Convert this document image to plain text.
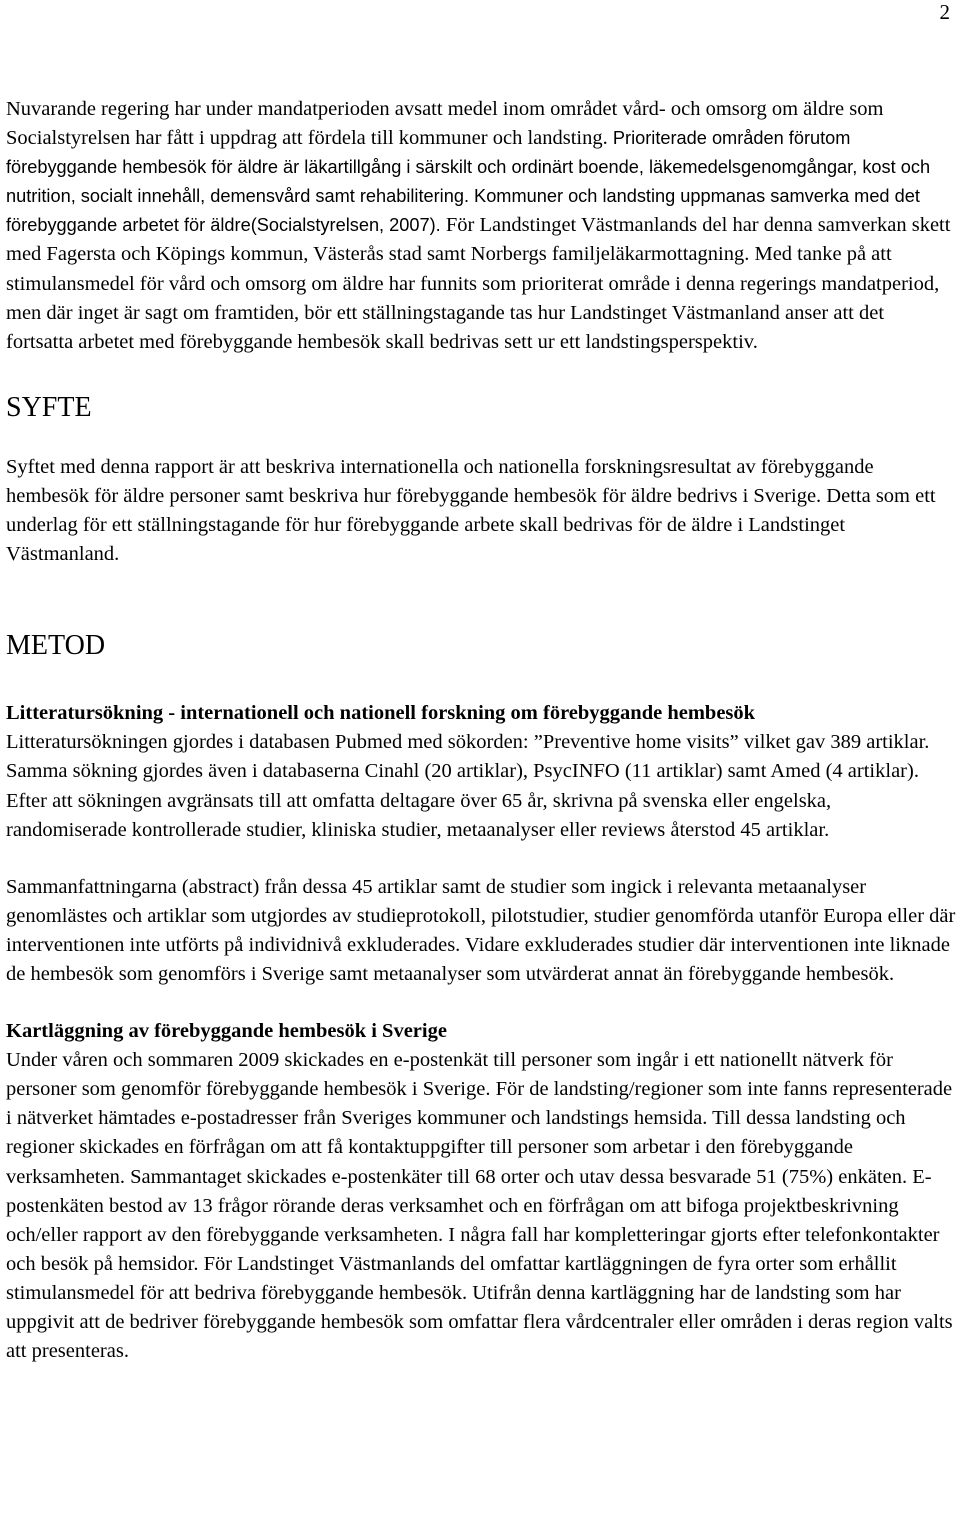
2

Nuvarande regering har under mandatperioden avsatt medel inom området vård- och omsorg om äldre som Socialstyrelsen har fått i uppdrag att fördela till kommuner och landsting. Prioriterade områden förutom förebyggande hembesök för äldre är läkartillgång i särskilt och ordinärt boende, läkemedelsgenomgångar, kost och nutrition, socialt innehåll, demensvård samt rehabilitering. Kommuner och landsting uppmanas samverka med det förebyggande arbetet för äldre(Socialstyrelsen, 2007). För Landstinget Västmanlands del har denna samverkan skett med Fagersta och Köpings kommun, Västerås stad samt Norbergs familjeläkarmottagning. Med tanke på att stimulansmedel för vård och omsorg om äldre har funnits som prioriterat område i denna regerings mandatperiod, men där inget är sagt om framtiden, bör ett ställningstagande tas hur Landstinget Västmanland anser att det fortsatta arbetet med förebyggande hembesök skall bedrivas sett ur ett landstingsperspektiv.

SYFTE

Syftet med denna rapport är att beskriva internationella och nationella forskningsresultat av förebyggande hembesök för äldre personer samt beskriva hur förebyggande hembesök för äldre bedrivs i Sverige. Detta som ett underlag för ett ställningstagande för hur förebyggande arbete skall bedrivas för de äldre i Landstinget Västmanland.

METOD

Litteratursökning - internationell och nationell forskning om förebyggande hembesök
Litteratursökningen gjordes i databasen Pubmed med sökorden: ”Preventive home visits” vilket gav 389 artiklar. Samma sökning gjordes även i databaserna Cinahl (20 artiklar), PsycINFO (11 artiklar) samt Amed (4 artiklar). Efter att sökningen avgränsats till att omfatta deltagare över 65 år, skrivna på svenska eller engelska, randomiserade kontrollerade studier, kliniska studier, metaanalyser eller reviews återstod 45 artiklar.

Sammanfattningarna (abstract) från dessa 45 artiklar samt de studier som ingick i relevanta metaanalyser genomlästes och artiklar som utgjordes av studieprotokoll, pilotstudier, studier genomförda utanför Europa eller där interventionen inte utförts på individnivå exkluderades. Vidare exkluderades studier där interventionen inte liknade de hembesök som genomförs i Sverige samt metaanalyser som utvärderat annat än förebyggande hembesök.

Kartläggning av förebyggande hembesök i Sverige
Under våren och sommaren 2009 skickades en e-postenkät till personer som ingår i ett nationellt nätverk för personer som genomför förebyggande hembesök i Sverige. För de landsting/regioner som inte fanns representerade i nätverket hämtades e-postadresser från Sveriges kommuner och landstings hemsida. Till dessa landsting och regioner skickades en förfrågan om att få kontaktuppgifter till personer som arbetar i den förebyggande verksamheten. Sammantaget skickades e-postenkäter till 68 orter och utav dessa besvarade 51 (75%) enkäten. E-postenkäten bestod av 13 frågor rörande deras verksamhet och en förfrågan om att bifoga projektbeskrivning och/eller rapport av den förebyggande verksamheten. I några fall har kompletteringar gjorts efter telefonkontakter och besök på hemsidor. För Landstinget Västmanlands del omfattar kartläggningen de fyra orter som erhållit stimulansmedel för att bedriva förebyggande hembesök. Utifrån denna kartläggning har de landsting som har uppgivit att de bedriver förebyggande hembesök som omfattar flera vårdcentraler eller områden i deras region valts att presenteras.
